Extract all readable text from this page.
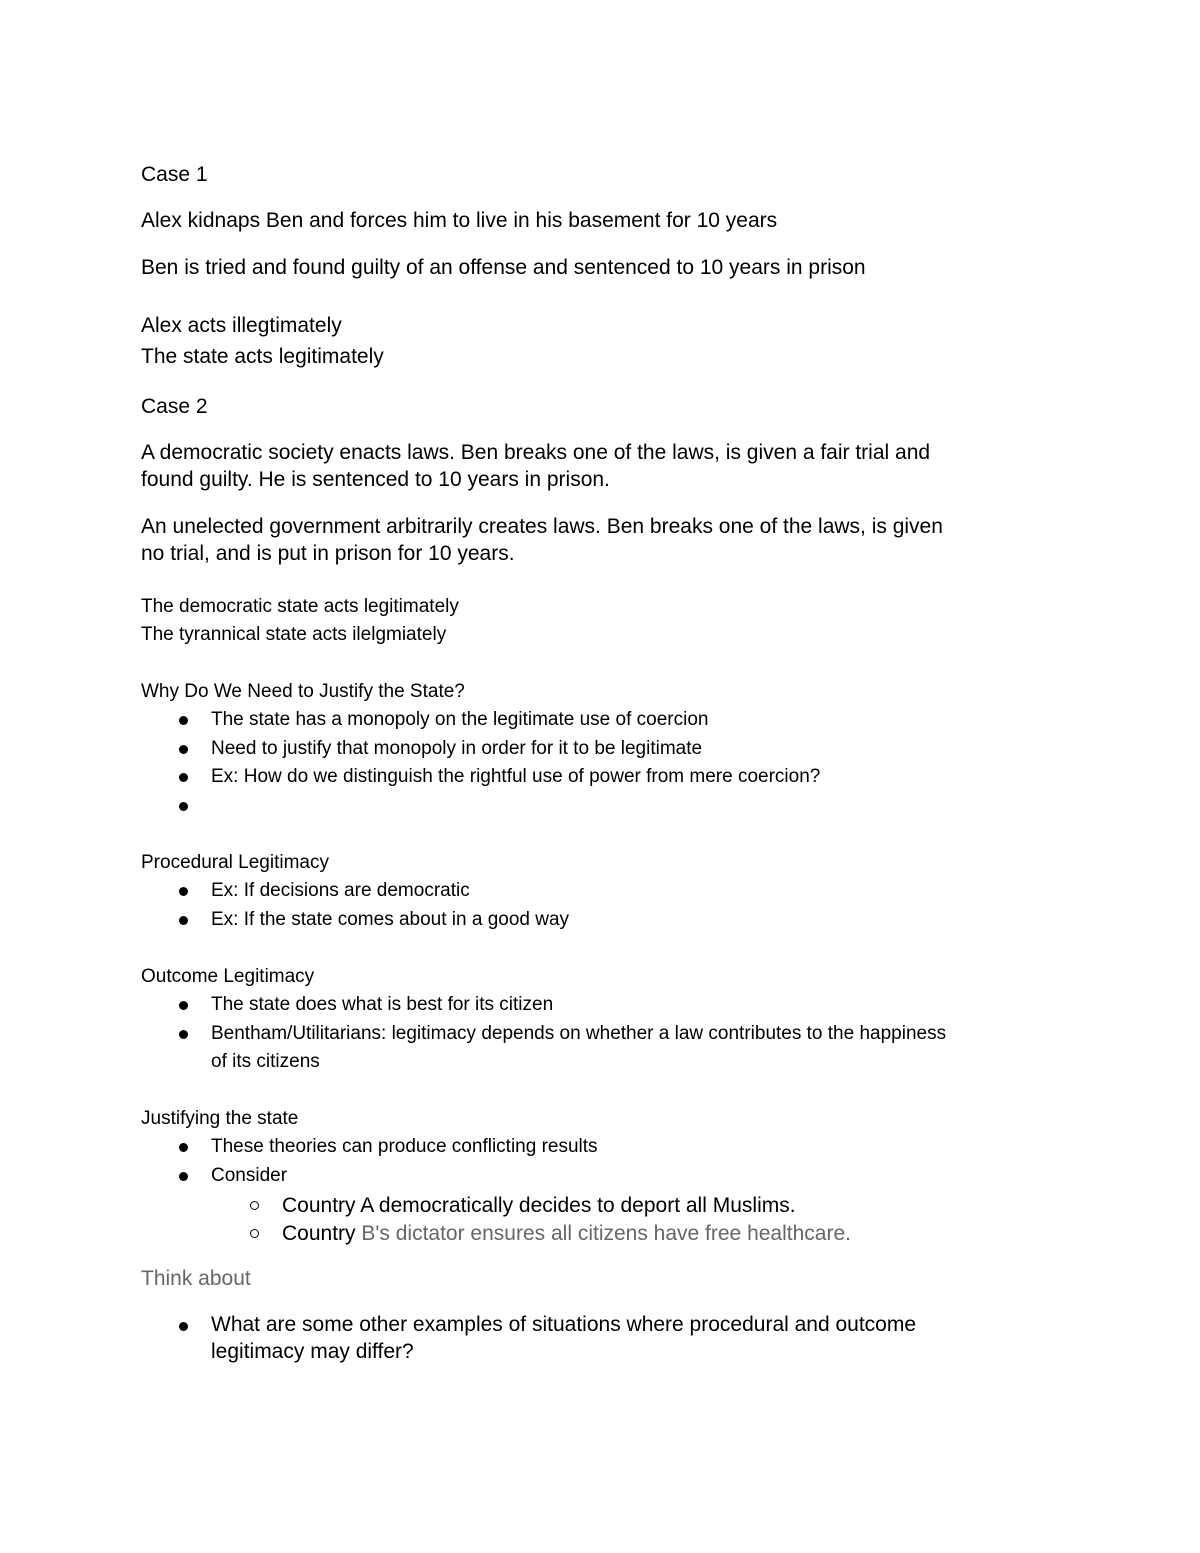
Case 1

Alex kidnaps Ben and forces him to live in his basement for 10 years

Ben is tried and found guilty of an offense and sentenced to 10 years in prison

Alex acts illegtimately

The state acts legitimately

Case 2

A democratic society enacts laws. Ben breaks one of the laws, is given a fair trial and

found guilty. He is sentenced to 10 years in prison.

An unelected government arbitrarily creates laws. Ben breaks one of the laws, is given

no trial, and is put in prison for 10 years.

The democratic state acts legitimately

The tyrannical state acts ilelgmiately

Why Do We Need to Justify the State?

The state has a monopoly on the legitimate use of coercion

Need to justify that monopoly in order for it to be legitimate

Ex: How do we distinguish the rightful use of power from mere coercion?

Procedural Legitimacy

Ex: If decisions are democratic

Ex: If the state comes about in a good way

Outcome Legitimacy

The state does what is best for its citizen

Bentham/Utilitarians: legitimacy depends on whether a law contributes to the happiness

of its citizens

Justifying the state

These theories can produce conflicting results

Consider

Country A democratically decides to deport all Muslims.

Country B's dictator ensures all citizens have free healthcare.

Think about

What are some other examples of situations where procedural and outcome

legitimacy may differ?
